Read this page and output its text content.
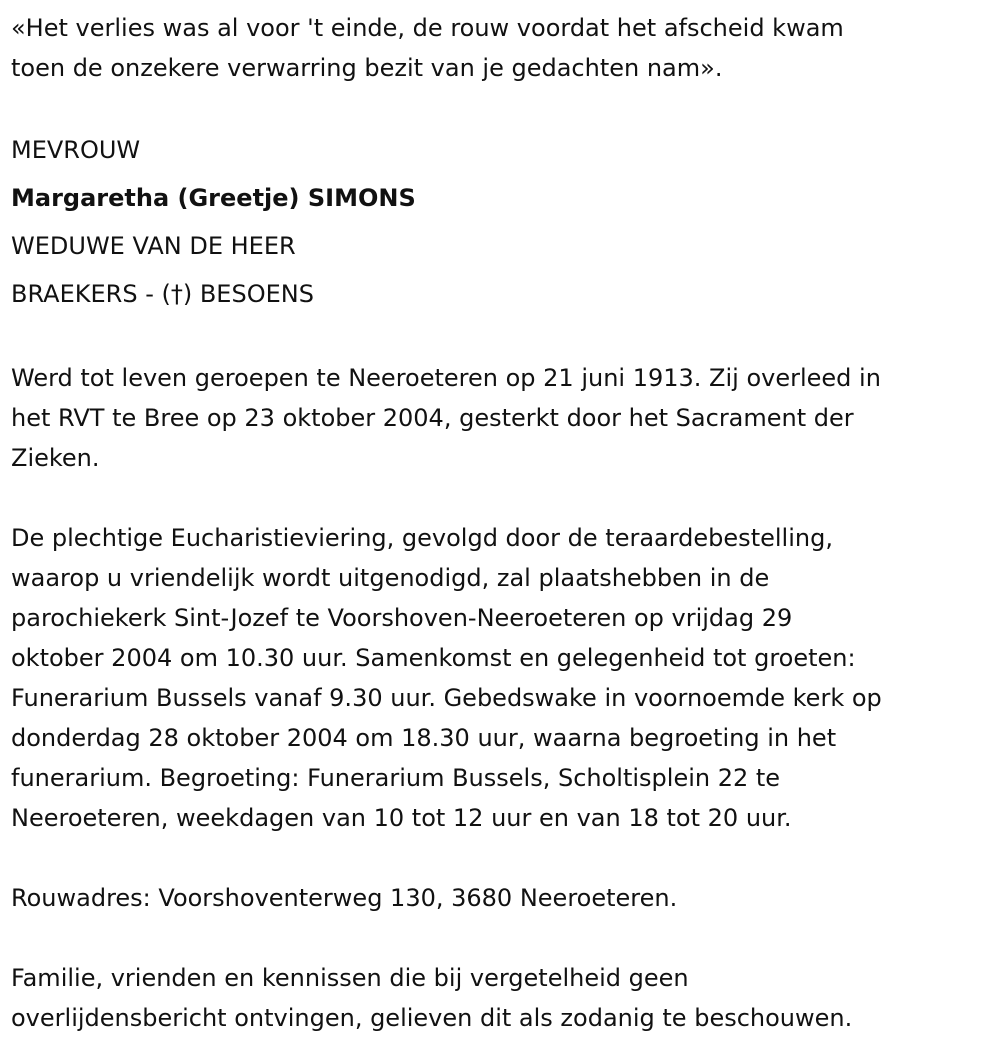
«Het verlies was al voor 't einde, de rouw voordat het afscheid kwam
toen de onzekere verwarring bezit van je gedachten nam».

MEVROUW

Margaretha (Greetje) SIMONS

WEDUWE VAN DE HEER

BRAEKERS - (†) BESOENS

Werd tot leven geroepen te Neeroeteren op 21 juni 1913. Zij overleed in
het RVT te Bree op 23 oktober 2004, gesterkt door het Sacrament der
Zieken.

De plechtige Eucharistieviering, gevolgd door de teraardebestelling,
waarop u vriendelijk wordt uitgenodigd, zal plaatshebben in de
parochiekerk Sint-Jozef te Voorshoven-Neeroeteren op vrijdag 29
oktober 2004 om 10.30 uur. Samenkomst en gelegenheid tot groeten:
Funerarium Bussels vanaf 9.30 uur. Gebedswake in voornoemde kerk op
donderdag 28 oktober 2004 om 18.30 uur, waarna begroeting in het
funerarium. Begroeting: Funerarium Bussels, Scholtisplein 22 te
Neeroeteren, weekdagen van 10 tot 12 uur en van 18 tot 20 uur.

Rouwadres: Voorshoventerweg 130, 3680 Neeroeteren.

Familie, vrienden en kennissen die bij vergetelheid geen
overlijdensbericht ontvingen, gelieven dit als zodanig te beschouwen.
